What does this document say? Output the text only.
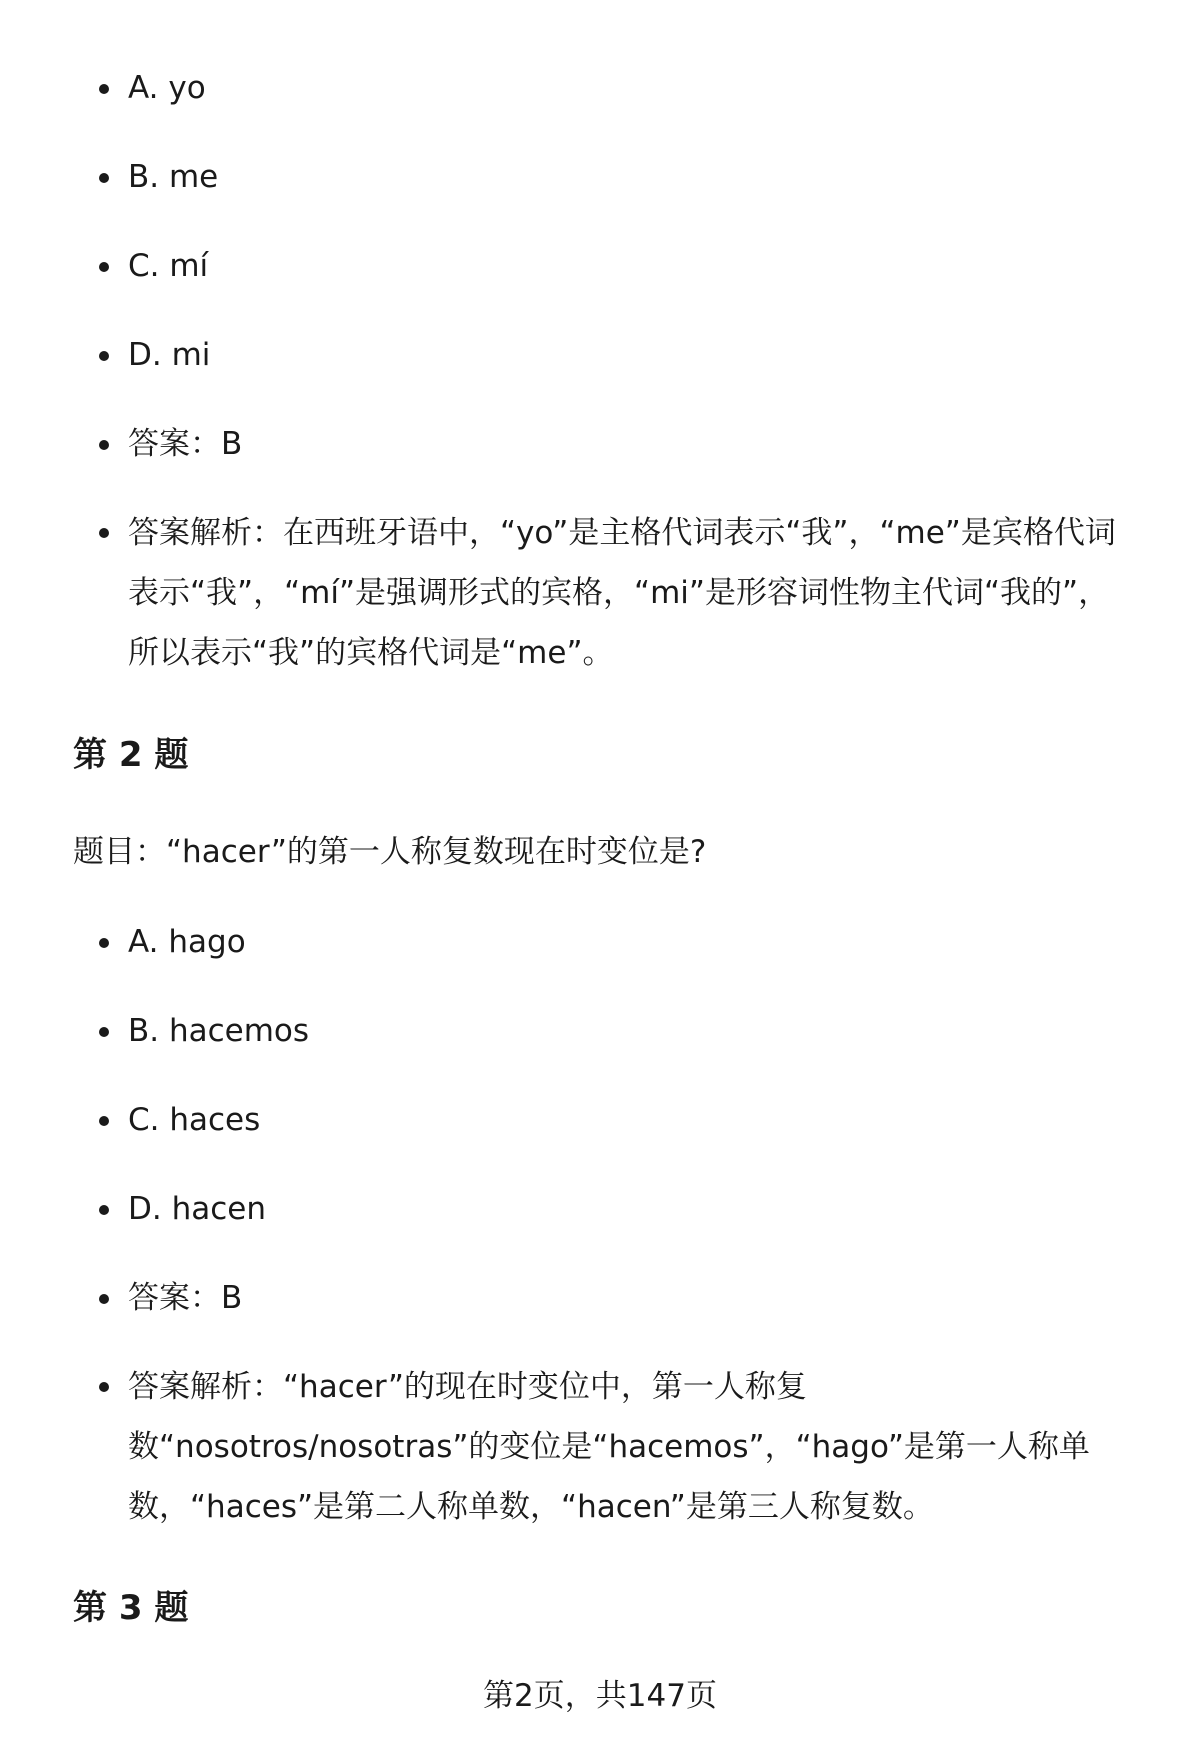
A. yo
B. me
C. mí
D. mi
答案：B
答案解析：在西班牙语中，“yo”是主格代词表示“我”，“me”是宾格代词表示“我”，“mí”是强调形式的宾格，“mi”是形容词性物主代词“我的”，所以表示“我”的宾格代词是“me”。
第 2 题
题目：“hacer”的第一人称复数现在时变位是?
A. hago
B. hacemos
C. haces
D. hacen
答案：B
答案解析：“hacer”的现在时变位中，第一人称复数“nosotros/nosotras”的变位是“hacemos”，“hago”是第一人称单数，“haces”是第二人称单数，“hacen”是第三人称复数。
第 3 题
第2页，共147页
